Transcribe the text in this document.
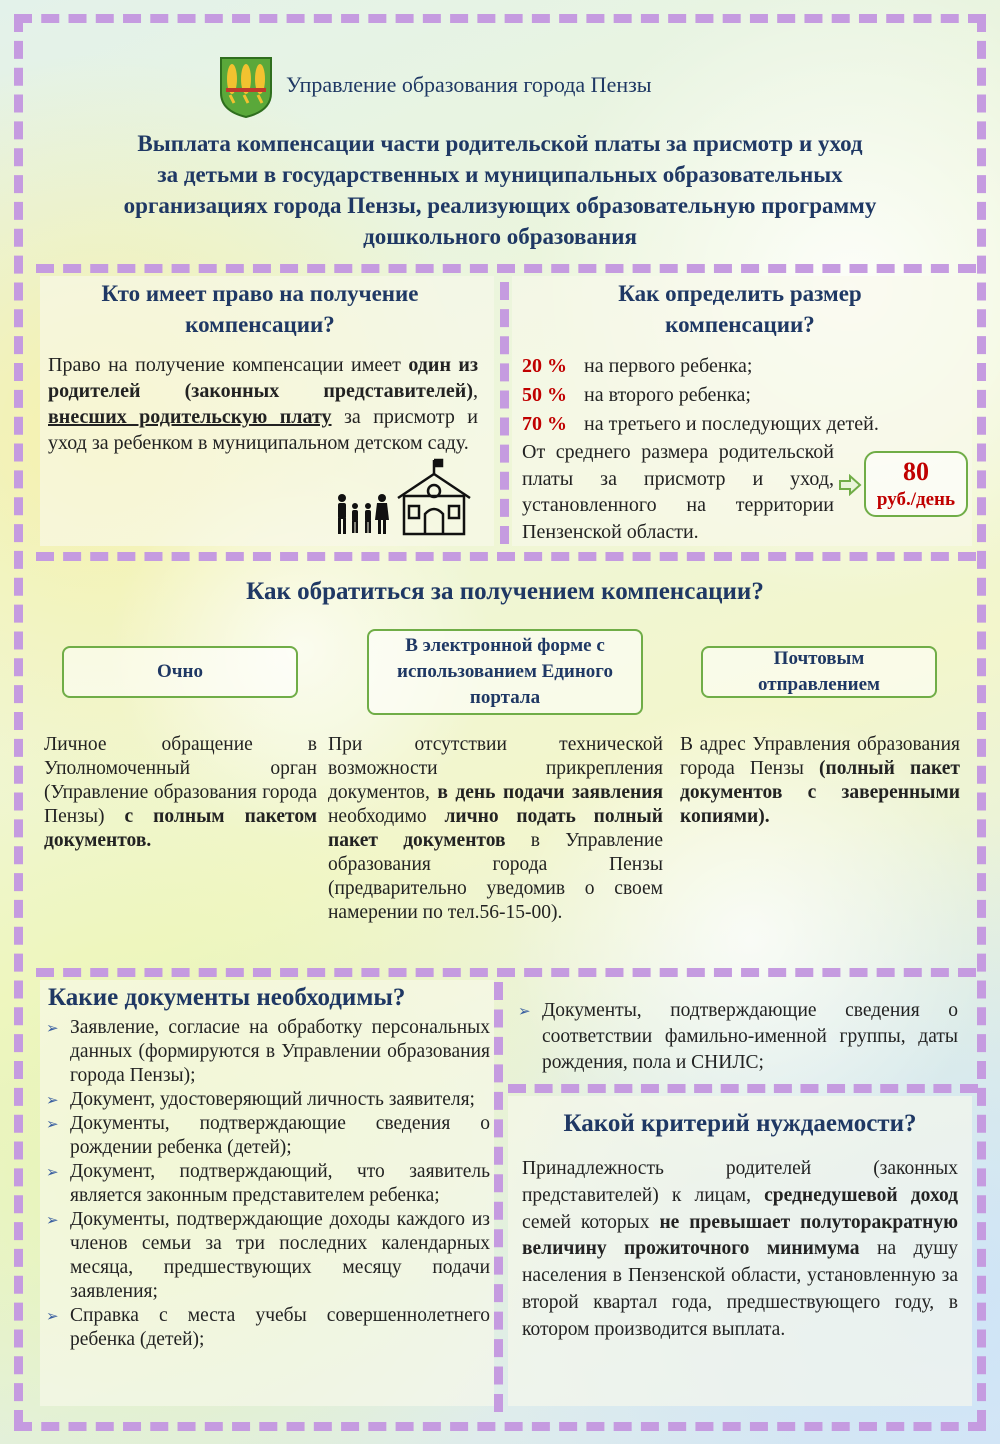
Управление образования города Пензы
Выплата компенсации части родительской платы за присмотр и уход
за детьми в государственных и муниципальных образовательных
организациях города Пензы, реализующих образовательную программу
дошкольного образования
Кто имеет право на получение компенсации?
Право на получение компенсации имеет один из родителей (законных представителей), внесших родительскую плату за присмотр и уход за ребенком в муниципальном детском саду.
Как определить размер компенсации?
20 % на первого ребенка;
50 % на второго ребенка;
70 % на третьего и последующих детей.
От среднего размера родительской платы за присмотр и уход, установленного на территории Пензенской области.
80
руб./день
Как обратиться за получением компенсации?
Очно
В электронной форме с использованием Единого портала
Почтовым отправлением
Личное обращение в Уполномоченный орган (Управление образования города Пензы) с полным пакетом документов.
При отсутствии технической возможности прикрепления документов, в день подачи заявления необходимо лично подать полный пакет документов в Управление образования города Пензы (предварительно уведомив о своем намерении по тел.56-15-00).
В адрес Управления образования города Пензы (полный пакет документов с заверенными копиями).
Какие документы необходимы?
➢ Заявление, согласие на обработку персональных данных (формируются в Управлении образования города Пензы);
➢ Документ, удостоверяющий личность заявителя;
➢ Документы, подтверждающие сведения о рождении ребенка (детей);
➢ Документ, подтверждающий, что заявитель является законным представителем ребенка;
➢ Документы, подтверждающие доходы каждого из членов семьи за три последних календарных месяца, предшествующих месяцу подачи заявления;
➢ Справка с места учебы совершеннолетнего ребенка (детей);
➢ Документы, подтверждающие сведения о соответствии фамильно-именной группы, даты рождения, пола и СНИЛС;
Какой критерий нуждаемости?
Принадлежность родителей (законных представителей) к лицам, среднедушевой доход семей которых не превышает полуторакратную величину прожиточного минимума на душу населения в Пензенской области, установленную за второй квартал года, предшествующего году, в котором производится выплата.
